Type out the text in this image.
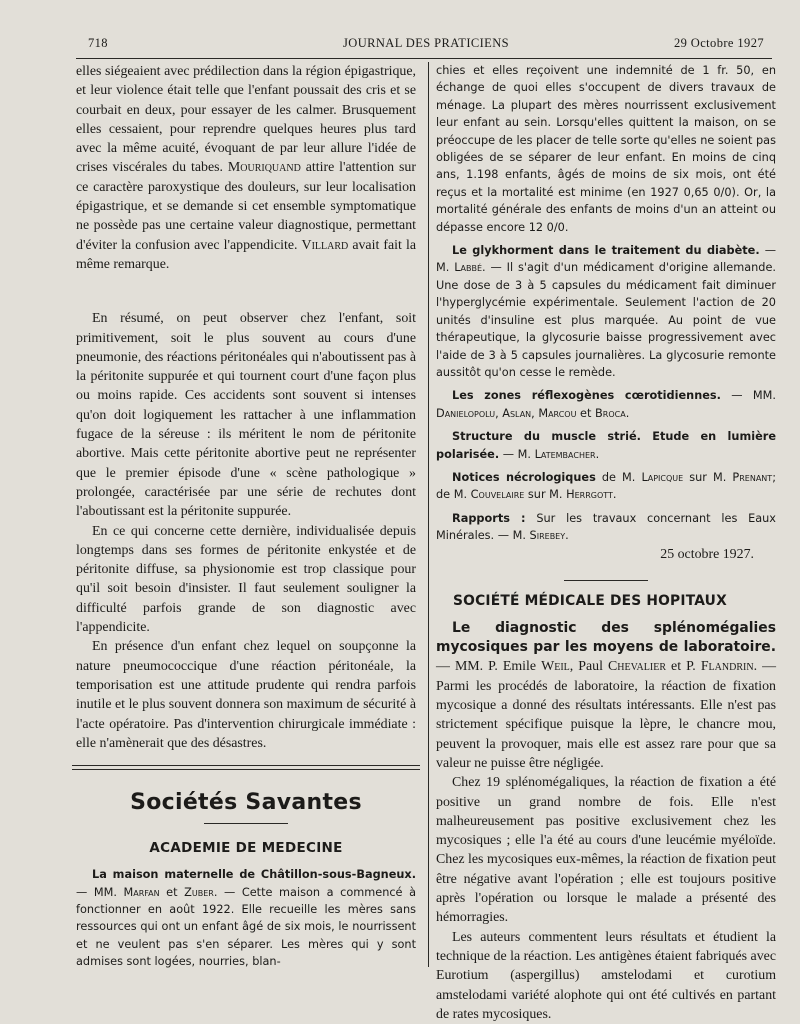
718	JOURNAL DES PRATICIENS	29 Octobre 1927

elles siégeaient avec prédilection dans la région épigastrique, et leur violence était telle que l'enfant poussait des cris et se courbait en deux, pour essayer de les calmer. Brusquement elles cessaient, pour reprendre quelques heures plus tard avec la même acuité, évoquant de par leur allure l'idée de crises viscérales du tabes. Mouriquand attire l'attention sur ce caractère paroxystique des douleurs, sur leur localisation épigastrique, et se demande si cet ensemble symptomatique ne possède pas une certaine valeur diagnostique, permettant d'éviter la confusion avec l'appendicite. Villard avait fait la même remarque.

En résumé, on peut observer chez l'enfant, soit primitivement, soit le plus souvent au cours d'une pneumonie, des réactions péritonéales qui n'aboutissent pas à la péritonite suppurée et qui tournent court d'une façon plus ou moins rapide. Ces accidents sont souvent si intenses qu'on doit logiquement les rattacher à une inflammation fugace de la séreuse : ils méritent le nom de péritonite abortive. Mais cette péritonite abortive peut ne représenter que le premier épisode d'une « scène pathologique » prolongée, caractérisée par une série de rechutes dont l'aboutissant est la péritonite suppurée.

En ce qui concerne cette dernière, individualisée depuis longtemps dans ses formes de péritonite enkystée et de péritonite diffuse, sa physionomie est trop classique pour qu'il soit besoin d'insister. Il faut seulement souligner la difficulté parfois grande de son diagnostic avec l'appendicite.

En présence d'un enfant chez lequel on soupçonne la nature pneumococcique d'une réaction péritonéale, la temporisation est une attitude prudente qui rendra parfois inutile et le plus souvent donnera son maximum de sécurité à l'acte opératoire. Pas d'intervention chirurgicale immédiate : elle n'amènerait que des désastres.

Sociétés Savantes
ACADEMIE DE MEDECINE

La maison maternelle de Châtillon-sous-Bagneux. — MM. Marfan et Zuber. — Cette maison a commencé à fonctionner en août 1922. Elle recueille les mères sans ressources qui ont un enfant âgé de six mois, le nourrissent et ne veulent pas s'en séparer. Les mères qui y sont admises sont logées, nourries, blan-

chies et elles reçoivent une indemnité de 1 fr. 50, en échange de quoi elles s'occupent de divers travaux de ménage. La plupart des mères nourrissent exclusivement leur enfant au sein. Lorsqu'elles quittent la maison, on se préoccupe de les placer de telle sorte qu'elles ne soient pas obligées de se séparer de leur enfant. En moins de cinq ans, 1.198 enfants, âgés de moins de six mois, ont été reçus et la mortalité est minime (en 1927 0,65 0/0). Or, la mortalité générale des enfants de moins d'un an atteint ou dépasse encore 12 0/0.

Le glykhorment dans le traitement du diabète. — M. Labbé. — Il s'agit d'un médicament d'origine allemande. Une dose de 3 à 5 capsules du médicament fait diminuer l'hyperglycémie expérimentale. Seulement l'action de 20 unités d'insuline est plus marquée. Au point de vue thérapeutique, la glycosurie baisse progressivement avec l'aide de 3 à 5 capsules journalières. La glycosurie remonte aussitôt qu'on cesse le remède.

Les zones réflexogènes cœrotidiennes. — MM. Danielopolu, Aslan, Marcou et Broca.

Structure du muscle strié. Etude en lumière polarisée. — M. Latembacher.

Notices nécrologiques de M. Lapicque sur M. Prenant; de M. Couvelaire sur M. Herrgott.

Rapports : Sur les travaux concernant les Eaux Minérales. — M. Sirebey.

25 octobre 1927.

SOCIÉTÉ MÉDICALE DES HOPITAUX

Le diagnostic des splénomégalies mycosiques par les moyens de laboratoire. — MM. P. Emile Weil, Paul Chevalier et P. Flandrin. — Parmi les procédés de laboratoire, la réaction de fixation mycosique a donné des résultats intéressants. Elle n'est pas strictement spécifique puisque la lèpre, le chancre mou, peuvent la provoquer, mais elle est assez rare pour que sa valeur ne puisse être négligée.

Chez 19 splénomégaliques, la réaction de fixation a été positive un grand nombre de fois. Elle n'est malheureusement pas positive exclusivement chez les mycosiques ; elle l'a été au cours d'une leucémie myéloïde. Chez les mycosiques eux-mêmes, la réaction de fixation peut être négative avant l'opération ; elle est toujours positive après l'opération ou lorsque le malade a présenté des hémorragies.

Les auteurs commentent leurs résultats et étudient la technique de la réaction. Les antigènes étaient fabriqués avec Eurotium (aspergillus) amstelodami et curotium amstelodami variété alophote qui ont été cultivés en partant de rates mycosiques.
